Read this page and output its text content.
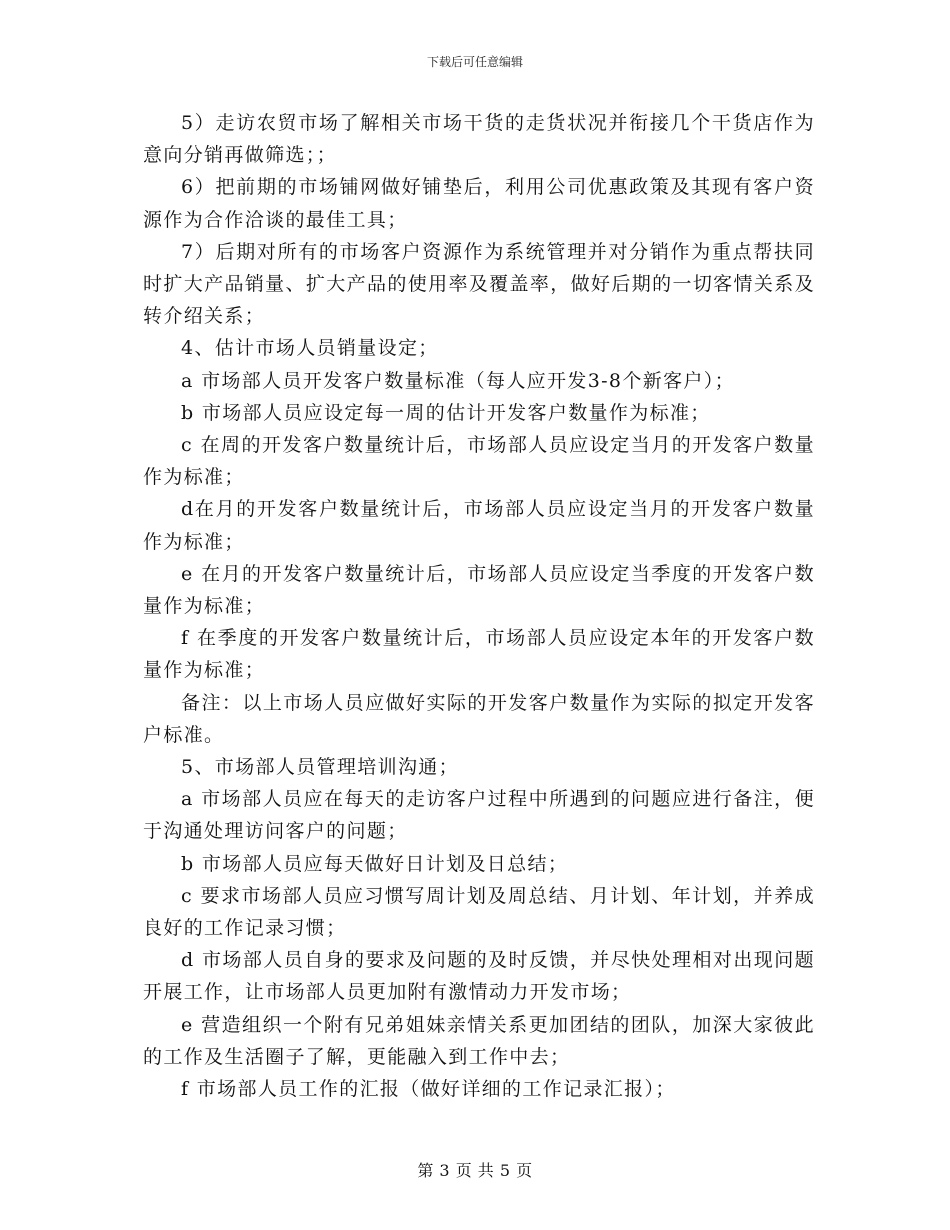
下载后可任意编辑

5）走访农贸市场了解相关市场干货的走货状况并衔接几个干货店作为意向分销再做筛选；；

6）把前期的市场铺网做好铺垫后，利用公司优惠政策及其现有客户资源作为合作洽谈的最佳工具；

7）后期对所有的市场客户资源作为系统管理并对分销作为重点帮扶同时扩大产品销量、扩大产品的使用率及覆盖率，做好后期的一切客情关系及转介绍关系；

4、估计市场人员销量设定；

a 市场部人员开发客户数量标准（每人应开发3-8个新客户）；

b 市场部人员应设定每一周的估计开发客户数量作为标准；

c 在周的开发客户数量统计后，市场部人员应设定当月的开发客户数量作为标准；

d在月的开发客户数量统计后，市场部人员应设定当月的开发客户数量作为标准；

e 在月的开发客户数量统计后，市场部人员应设定当季度的开发客户数量作为标准；

f 在季度的开发客户数量统计后，市场部人员应设定本年的开发客户数量作为标准；

备注：以上市场人员应做好实际的开发客户数量作为实际的拟定开发客户标准。

5、市场部人员管理培训沟通；

a 市场部人员应在每天的走访客户过程中所遇到的问题应进行备注，便于沟通处理访问客户的问题；

b 市场部人员应每天做好日计划及日总结；

c 要求市场部人员应习惯写周计划及周总结、月计划、年计划，并养成良好的工作记录习惯；

d 市场部人员自身的要求及问题的及时反馈，并尽快处理相对出现问题开展工作，让市场部人员更加附有激情动力开发市场；

e 营造组织一个附有兄弟姐妹亲情关系更加团结的团队，加深大家彼此的工作及生活圈子了解，更能融入到工作中去；

f 市场部人员工作的汇报（做好详细的工作记录汇报）；

第 3 页 共 5 页
